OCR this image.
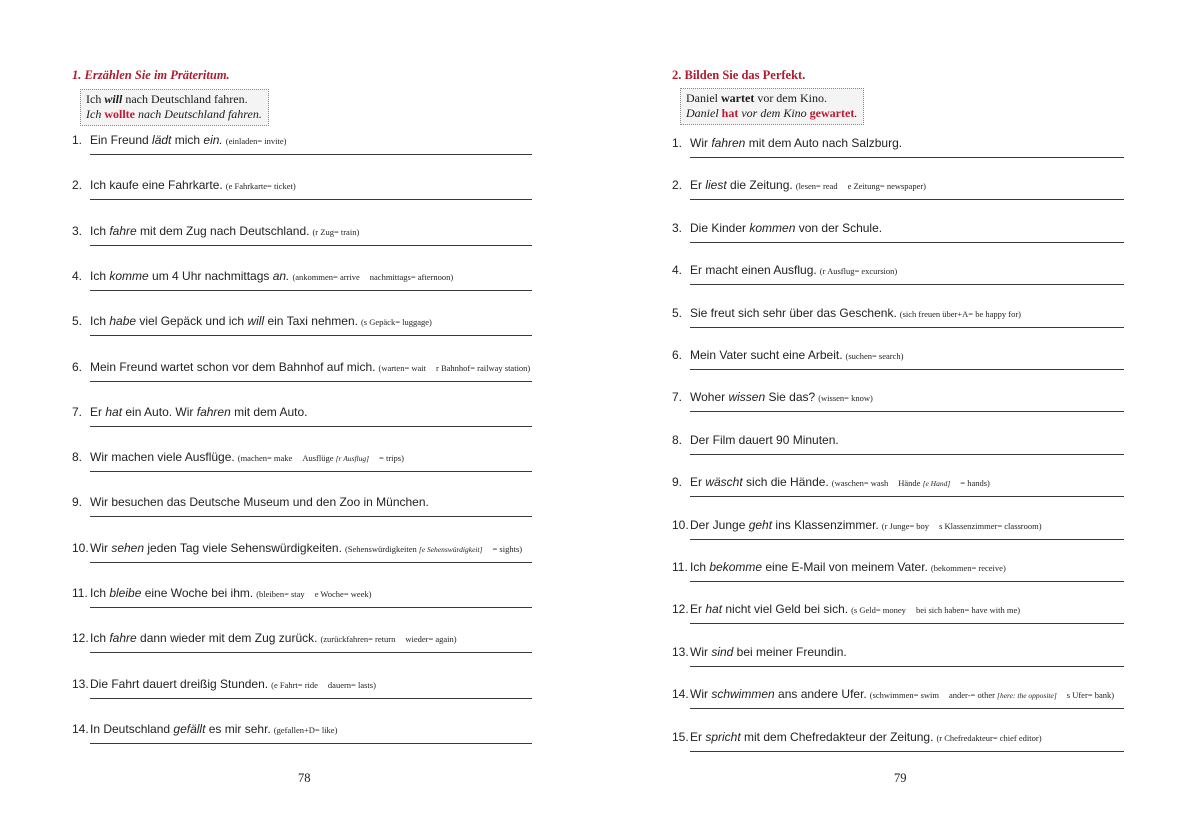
1. Erzählen Sie im Präteritum.
Ich will nach Deutschland fahren.
Ich wollte nach Deutschland fahren.
1. Ein Freund lädt mich ein. (einladen= invite)
2. Ich kaufe eine Fahrkarte. (e Fahrkarte= ticket)
3. Ich fahre mit dem Zug nach Deutschland. (r Zug= train)
4. Ich komme um 4 Uhr nachmittags an. (ankommen= arrive nachmittags= afternoon)
5. Ich habe viel Gepäck und ich will ein Taxi nehmen. (s Gepäck= luggage)
6. Mein Freund wartet schon vor dem Bahnhof auf mich. (warten= wait r Bahnhof= railway station)
7. Er hat ein Auto. Wir fahren mit dem Auto.
8. Wir machen viele Ausflüge. (machen= make Ausflüge [r Ausflug] = trips)
9. Wir besuchen das Deutsche Museum und den Zoo in München.
10.Wir sehen jeden Tag viele Sehenswürdigkeiten. (Sehenswürdigkeiten [e Sehenswürdigkeit] = sights)
11. Ich bleibe eine Woche bei ihm. (bleiben= stay e Woche= week)
12.Ich fahre dann wieder mit dem Zug zurück. (zurückfahren= return wieder= again)
13.Die Fahrt dauert dreißig Stunden. (e Fahrt= ride dauern= lasts)
14.In Deutschland gefällt es mir sehr. (gefallen+D= like)
78
2. Bilden Sie das Perfekt.
Daniel wartet vor dem Kino.
Daniel hat vor dem Kino gewartet.
1. Wir fahren mit dem Auto nach Salzburg.
2. Er liest die Zeitung. (lesen= read e Zeitung= newspaper)
3. Die Kinder kommen von der Schule.
4. Er macht einen Ausflug. (r Ausflug= excursion)
5. Sie freut sich sehr über das Geschenk. (sich freuen über+A= be happy for)
6. Mein Vater sucht eine Arbeit. (suchen= search)
7. Woher wissen Sie das? (wissen= know)
8. Der Film dauert 90 Minuten.
9. Er wäscht sich die Hände. (waschen= wash Hände [e Hand] = hands)
10.Der Junge geht ins Klassenzimmer. (r Junge= boy s Klassenzimmer= classroom)
11. Ich bekomme eine E-Mail von meinem Vater. (bekommen= receive)
12.Er hat nicht viel Geld bei sich. (s Geld= money bei sich haben= have with me)
13.Wir sind bei meiner Freundin.
14.Wir schwimmen ans andere Ufer. (schwimmen= swim ander-= other [here: the opposite] s Ufer= bank)
15.Er spricht mit dem Chefredakteur der Zeitung. (r Chefredakteur= chief editor)
79
